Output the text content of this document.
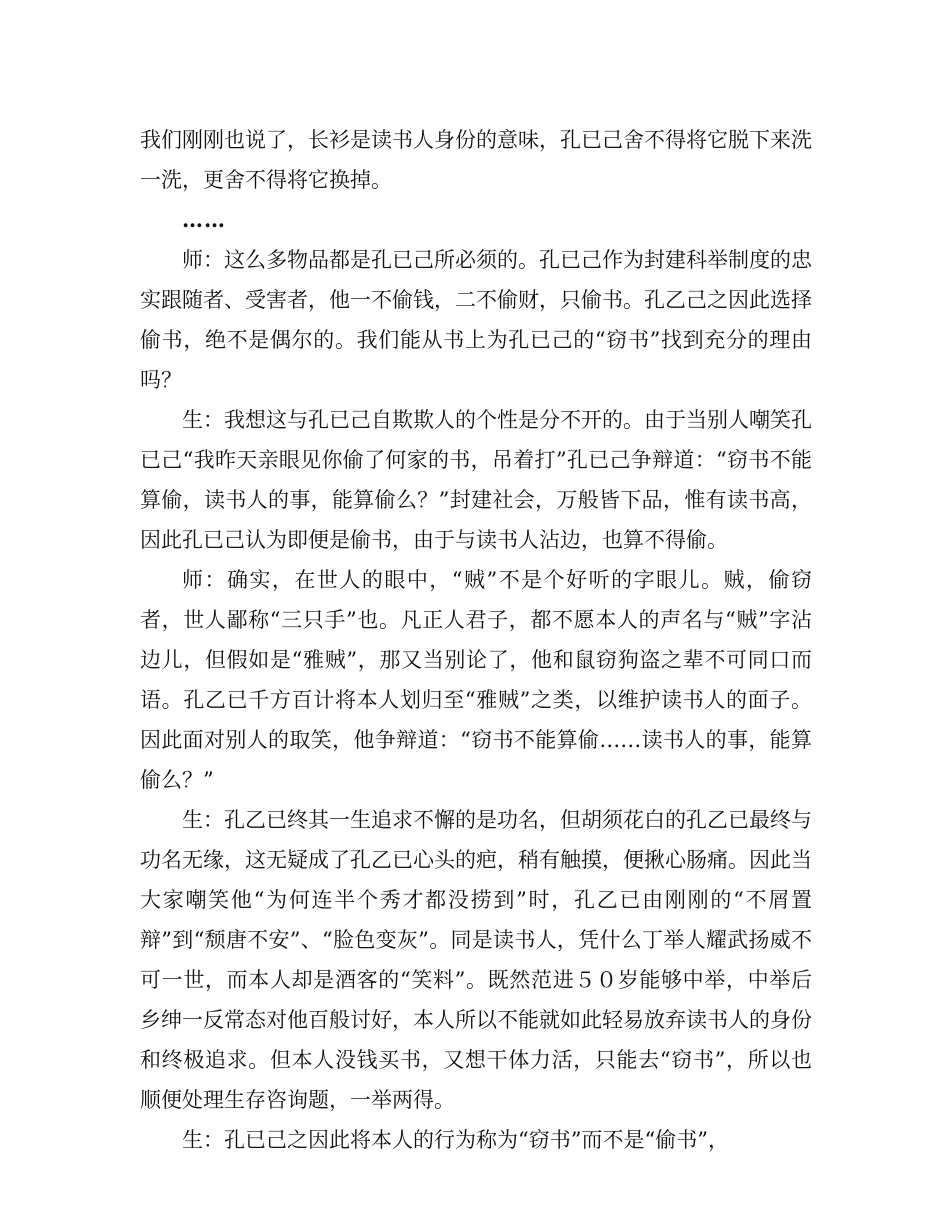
我们刚刚也说了，长衫是读书人身份的意味，孔已己舍不得将它脱下来洗一洗，更舍不得将它换掉。

……

师：这么多物品都是孔已己所必须的。孔已己作为封建科举制度的忠实跟随者、受害者，他一不偷钱，二不偷财，只偷书。孔乙己之因此选择偷书，绝不是偶尔的。我们能从书上为孔已己的“窃书”找到充分的理由吗？

生：我想这与孔已己自欺欺人的个性是分不开的。由于当别人嘲笑孔已己“我昨天亲眼见你偷了何家的书，吊着打”孔已己争辩道：“窃书不能算偷，读书人的事，能算偷么？”封建社会，万般皆下品，惟有读书高，因此孔已己认为即便是偷书，由于与读书人沾边，也算不得偷。

师：确实，在世人的眼中，“贼”不是个好听的字眼儿。贼，偷窃者，世人鄙称“三只手”也。凡正人君子，都不愿本人的声名与“贼”字沾边儿，但假如是“雅贼”，那又当别论了，他和鼠窃狗盗之辈不可同口而语。孔乙已千方百计将本人划归至“雅贼”之类，以维护读书人的面子。因此面对别人的取笑，他争辩道：“窃书不能算偷……读书人的事，能算偷么？”

生：孔乙已终其一生追求不懈的是功名，但胡须花白的孔乙已最终与功名无缘，这无疑成了孔乙已心头的疤，稍有触摸，便揪心肠痛。因此当大家嘲笑他“为何连半个秀才都没捞到”时，孔乙已由刚刚的“不屑置辩”到“颓唐不安”、“脸色变灰”。同是读书人，凭什么丁举人耀武扬威不可一世，而本人却是酒客的“笑料”。既然范进５０岁能够中举，中举后乡绅一反常态对他百般讨好，本人所以不能就如此轻易放弃读书人的身份和终极追求。但本人没钱买书，又想干体力活，只能去“窃书”，所以也顺便处理生存咨询题，一举两得。

生：孔已己之因此将本人的行为称为“窃书”而不是“偷书”，
